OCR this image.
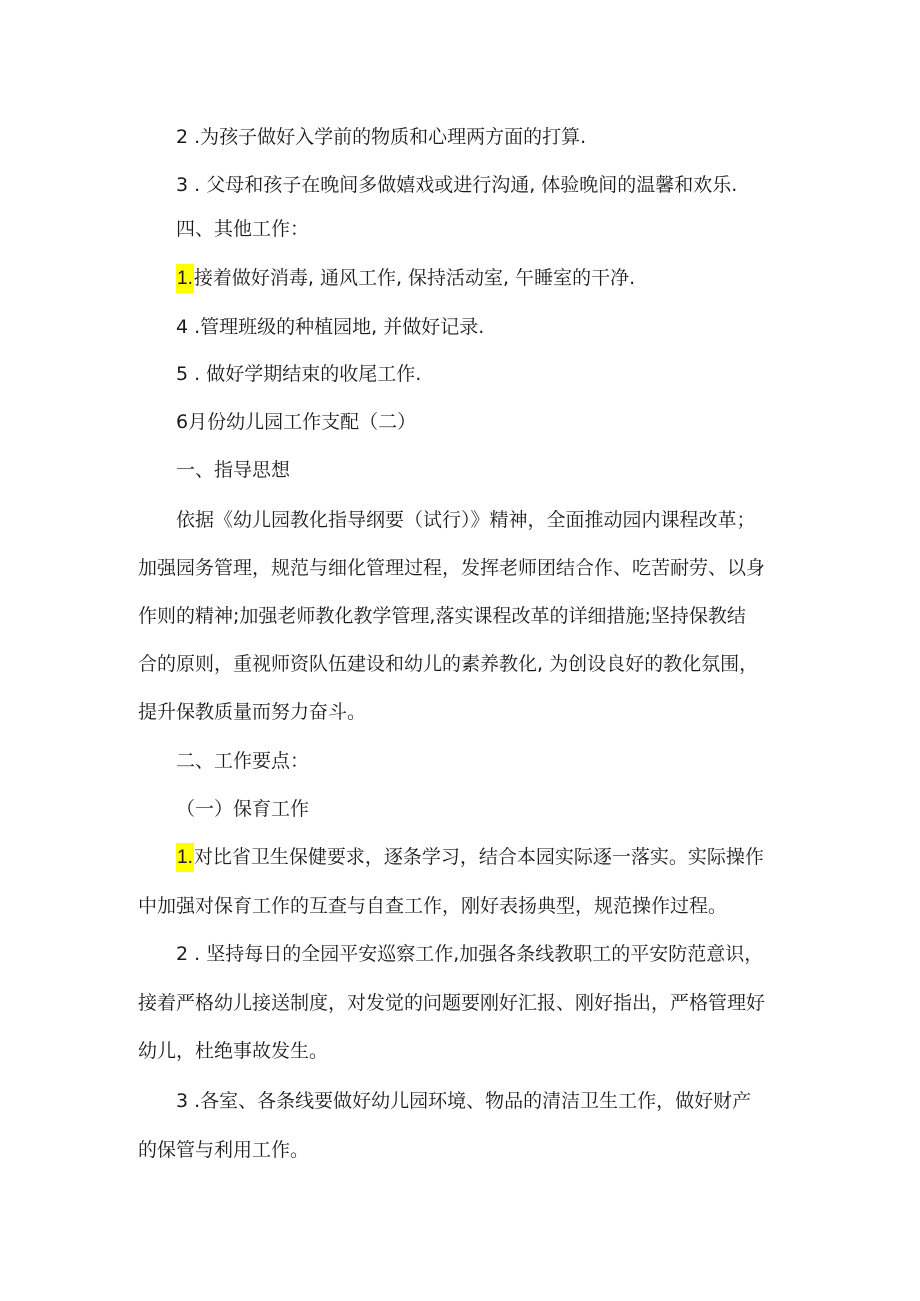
2 .为孩子做好入学前的物质和心理两方面的打算.
3 . 父母和孩子在晚间多做嬉戏或进行沟通, 体验晚间的温馨和欢乐.
四、其他工作：
1.接着做好消毒, 通风工作, 保持活动室, 午睡室的干净.
4 .管理班级的种植园地, 并做好记录.
5 . 做好学期结束的收尾工作.
6月份幼儿园工作支配（二）
一、指导思想
依据《幼儿园教化指导纲要（试行）》精神，全面推动园内课程改革；
加强园务管理，规范与细化管理过程，发挥老师团结合作、吃苦耐劳、以身
作则的精神;加强老师教化教学管理,落实课程改革的详细措施;坚持保教结
合的原则，重视师资队伍建设和幼儿的素养教化, 为创设良好的教化氛围，
提升保教质量而努力奋斗。
二、工作要点：
（一）保育工作
1.对比省卫生保健要求，逐条学习，结合本园实际逐一落实。实际操作
中加强对保育工作的互查与自查工作，刚好表扬典型，规范操作过程。
2 . 坚持每日的全园平安巡察工作,加强各条线教职工的平安防范意识，
接着严格幼儿接送制度，对发觉的问题要刚好汇报、刚好指出，严格管理好
幼儿，杜绝事故发生。
3 .各室、各条线要做好幼儿园环境、物品的清洁卫生工作，做好财产
的保管与利用工作。
